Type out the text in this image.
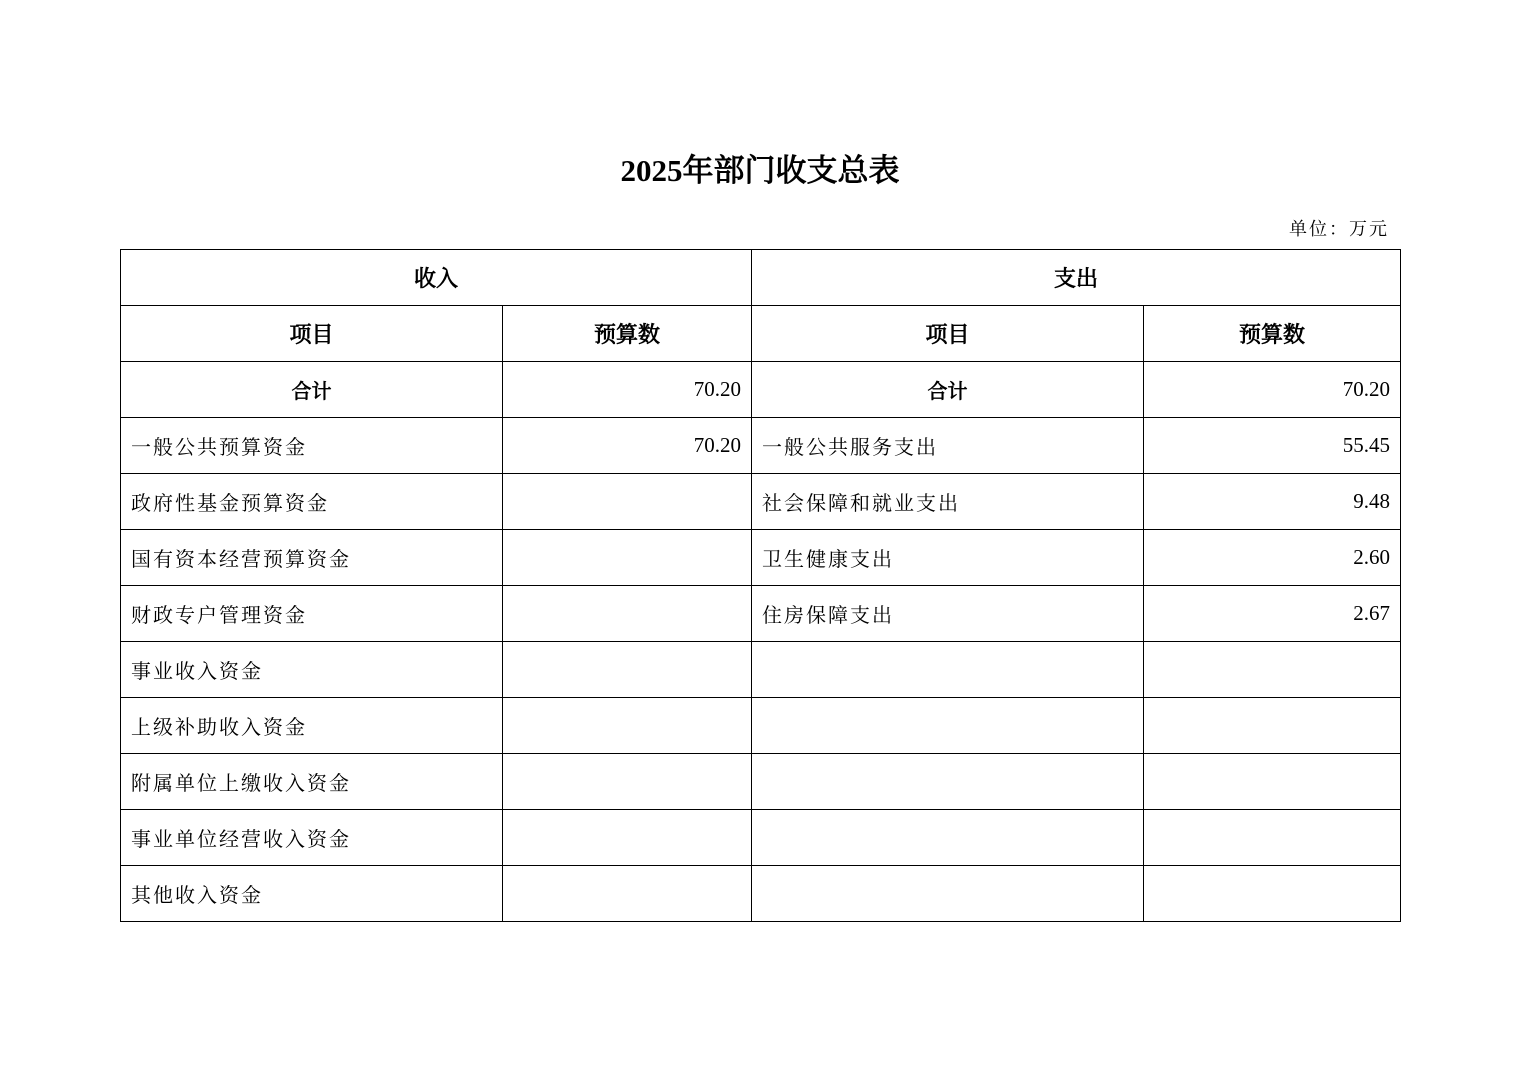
2025年部门收支总表
单位：万元
收入		支出	
项目	预算数	项目	预算数
合计	70.20	合计	70.20
一般公共预算资金	70.20	一般公共服务支出	55.45
政府性基金预算资金		社会保障和就业支出	9.48
国有资本经营预算资金		卫生健康支出	2.60
财政专户管理资金		住房保障支出	2.67
事业收入资金			
上级补助收入资金			
附属单位上缴收入资金			
事业单位经营收入资金			
其他收入资金			
